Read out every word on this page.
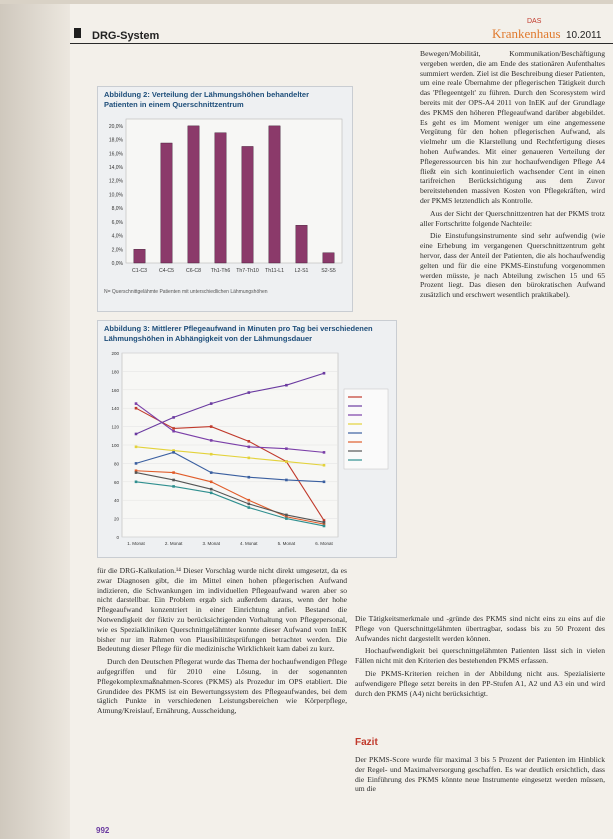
DRG-System
DAS
Krankenhaus 10.2011
Abbildung 2: Verteilung der Lähmungshöhen behandelter Patienten in einem Querschnittzentrum
0,0%
2,0%
4,0%
6,0%
8,0%
10,0%
12,0%
14,0%
16,0%
18,0%
20,0%
C1-C3 C4-C5 C6-C8 Th1-Th6 Th7-Th10 Th11-L1 L2-S1 S2-S5
N= Querschnittgelähmte Patienten mit unterschiedlichen Lähmungshöhen
Abbildung 3: Mittlerer Pflegeaufwand in Minuten pro Tag bei verschiedenen Lähmungshöhen in Abhängigkeit von der Lähmungsdauer
0
20
40
60
80
100
120
140
160
180
200
1. Monat	2. Monat	3. Monat	4. Monat	5. Monat	6. Monat

für die DRG-Kalkulation.¹⁴ Dieser Vorschlag wurde nicht direkt umgesetzt, da es zwar Diagnosen gibt, die im Mittel einen hohen pflegerischen Aufwand indizieren, die Schwankungen im individuellen Pflegeaufwand waren aber so nicht darstellbar. Ein Problem ergab sich außerdem daraus, wenn der hohe Pflegeaufwand konzentriert in einer Einrichtung anfiel. Bestand die Notwendigkeit der fiktiv zu berücksichtigenden Vorhaltung von Pflegepersonal, wie es Spezialkliniken Querschnittgelähmter konnte dieser Aufwand vom InEK bisher nur im Rahmen von Plausibilitätsprüfungen betrachtet werden. Die Bedeutung dieser Pflege für die medizinische Wirklichkeit kam dabei zu kurz.

Durch den Deutschen Pflegerat wurde das Thema der hochaufwendigen Pflege aufgegriffen und für 2010 eine Lösung, in der sogenannten Pflegekomplexmaßnahmen-Scores (PKMS) als Prozedur im OPS etabliert. Die Grundidee des PKMS ist ein Bewertungssystem des Pflegeaufwandes, bei dem täglich Punkte in verschiedenen Leistungsbereichen wie Körperpflege, Atmung/Kreislauf, Ernährung, Ausscheidung,

Bewegen/Mobilität, Kommunikation/Beschäftigung vergeben werden, die am Ende des stationären Aufenthaltes summiert werden. Ziel ist die Beschreibung dieser Patienten, um eine reale Übernahme der pflegerischen Tätigkeit durch das 'Pflegeentgelt' zu führen. Durch den Scoresystem wird bereits mit der OPS-A4 2011 von InEK auf der Grundlage des PKMS den höheren Pflegeaufwand darüber abgebildet. Es geht es im Moment weniger um eine angemessene Vergütung für den hohen pflegerischen Aufwand, als vielmehr um die Klarstellung und Rechtfertigung dieses hohen Aufwandes. Mit einer genaueren Verteilung der Pflegeressourcen bis hin zur hochaufwendigen Pflege A4 fließt ein sich kontinuierlich wachsender Cent in einen tarifreichen Berücksichtigung aus dem Zuvor bereitstehenden massiven Kosten von Pflegekräften, wird der PKMS letztendlich als Kontrolle.

Aus der Sicht der Querschnittzentren hat der PKMS trotz aller Fortschritte folgende Nachteile:

Die Einstufungsinstrumente sind sehr aufwendig (wie eine Erhebung im vergangenen Querschnittzentrum geht hervor, dass der Anteil der Patienten, die als hochaufwendig gelten und für die eine PKMS-Einstufung vorgenommen werden müsste, je nach Abteilung zwischen 15 und 65 Prozent liegt. Das diesen den bürokratischen Aufwand zusätzlich und erschwert wesentlich praktikabel).

Die Tätigkeitsmerkmale und -gründe des PKMS sind nicht eins zu eins auf die Pflege von Querschnittgelähmten übertragbar, sodass bis zu 50 Prozent des Aufwandes nicht dargestellt werden können.

Hochaufwendigkeit bei querschnittgelähmten Patienten lässt sich in vielen Fällen nicht mit den Kriterien des bestehenden PKMS erfassen.

Die PKMS-Kriterien reichen in der Abbildung nicht aus. Spezialisierte aufwendigere Pflege setzt bereits in den PP-Stufen A1, A2 und A3 ein und wird durch den PKMS (A4) nicht berücksichtigt.

Fazit

Der PKMS-Score wurde für maximal 3 bis 5 Prozent der Patienten im Hinblick der Regel- und Maximalversorgung geschaffen. Es war deutlich ersichtlich, dass die Einführung des PKMS könnte neue Instrumente eingesetzt werden müssen, um die

992
